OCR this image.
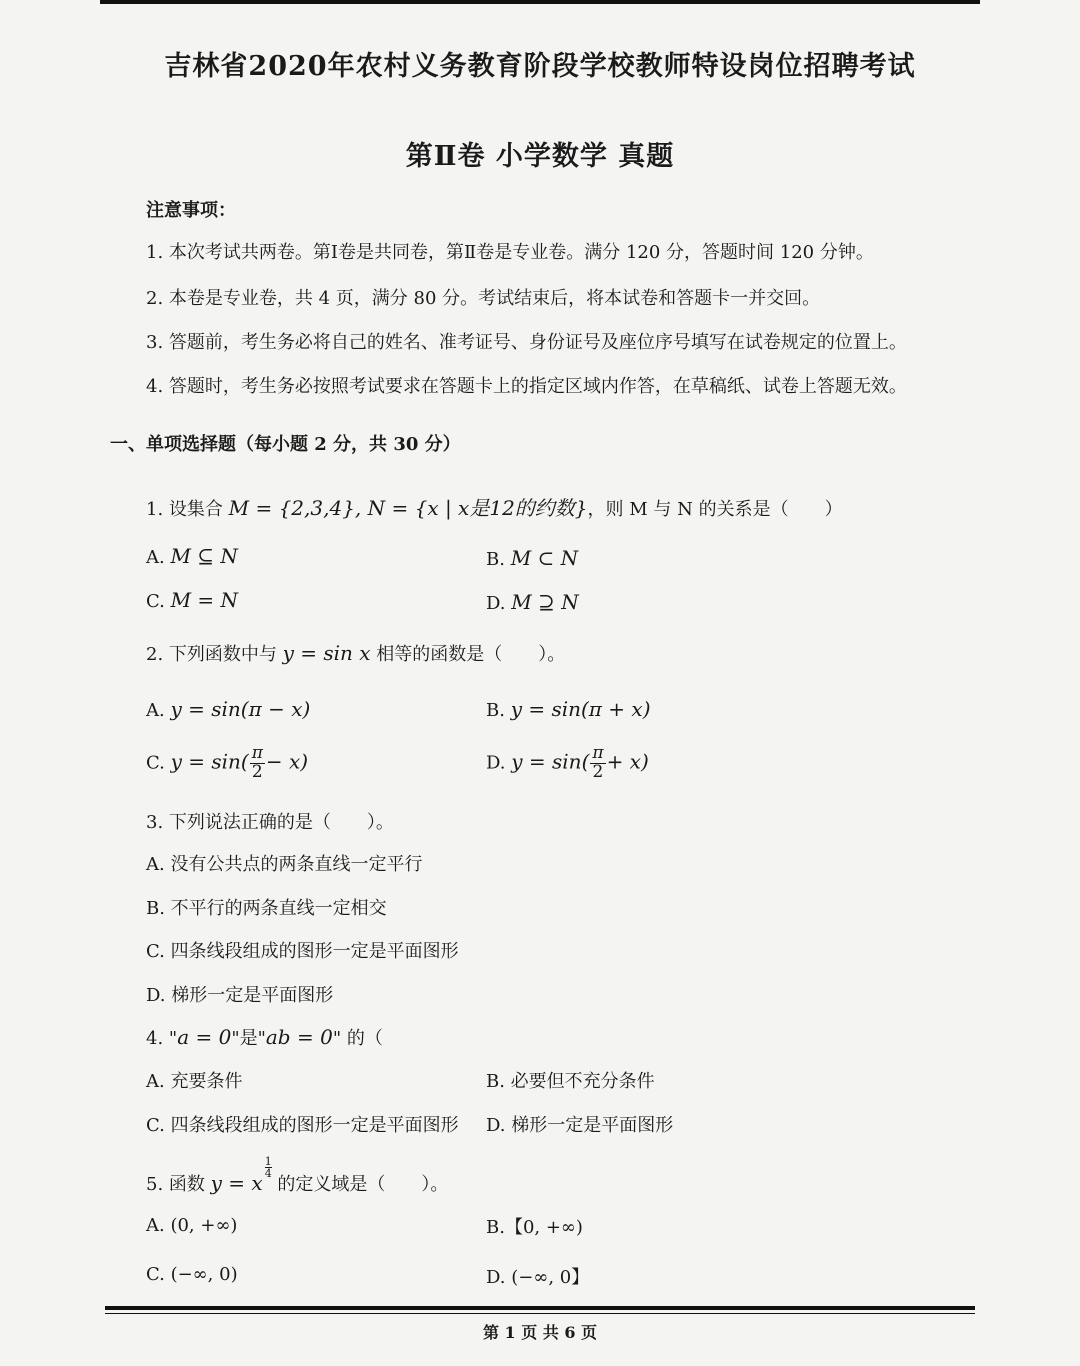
吉林省2020年农村义务教育阶段学校教师特设岗位招聘考试
第Ⅱ卷 小学数学 真题
注意事项：
1. 本次考试共两卷。第Ⅰ卷是共同卷，第Ⅱ卷是专业卷。满分 120 分，答题时间 120 分钟。
2. 本卷是专业卷，共 4 页，满分 80 分。考试结束后，将本试卷和答题卡一并交回。
3. 答题前，考生务必将自己的姓名、准考证号、身份证号及座位序号填写在试卷规定的位置上。
4. 答题时，考生务必按照考试要求在答题卡上的指定区域内作答，在草稿纸、试卷上答题无效。
一、单项选择题（每小题 2 分，共 30 分）
1. 设集合 M = {2,3,4}, N = {x | x是12的约数}，则 M 与 N 的关系是（　　）
A. M ⊆ N	B. M ⊂ N
C. M = N	D. M ⊇ N
2. 下列函数中与 y = sin x 相等的函数是（　　）。
A. y = sin(π − x)	B. y = sin(π + x)
C. $y = \sin( \frac{\pi}{2} - x)$	D. $y = \sin( \frac{\pi}{2} + x)$
3. 下列说法正确的是（　　）。
A. 没有公共点的两条直线一定平行
B. 不平行的两条直线一定相交
C. 四条线段组成的图形一定是平面图形
D. 梯形一定是平面图形
4. "a = 0"是"ab = 0" 的（
A. 充要条件	B. 必要但不充分条件
C. 四条线段组成的图形一定是平面图形 D. 梯形一定是平面图形
5. 函数 y = x
$\frac{1}{4}$ 的定义域是（　　）。
A. (0, +∞)	B.【0, +∞)
C. (−∞, 0)	D. (−∞, 0】
第 1 页 共 6 页
